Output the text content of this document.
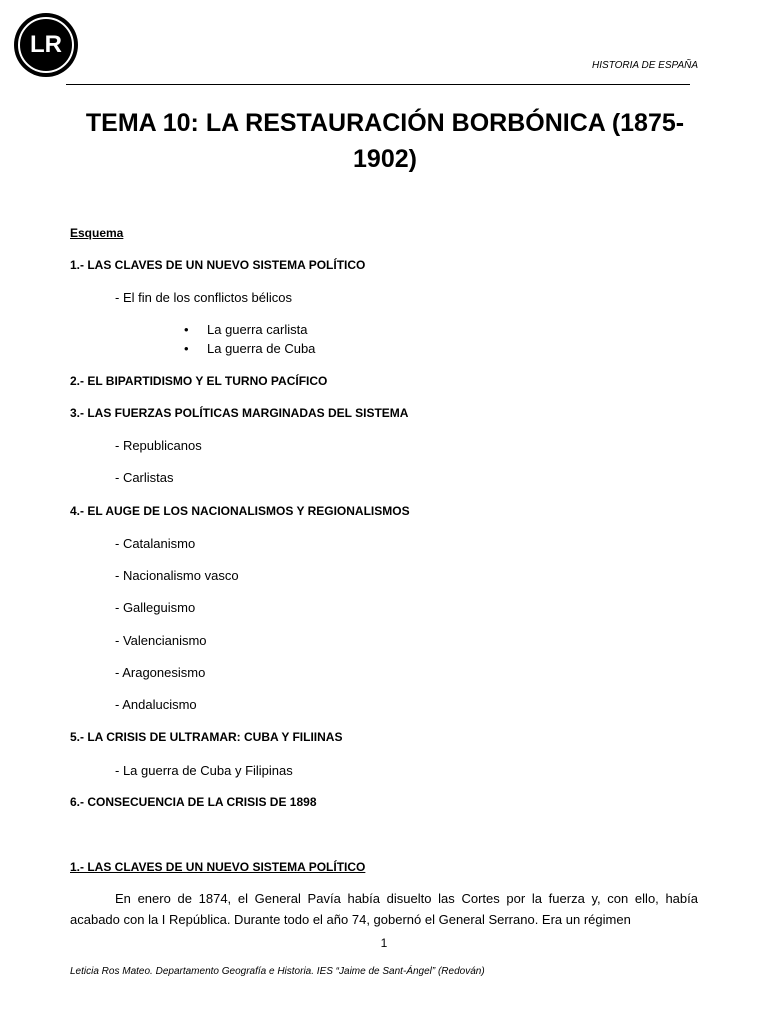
LR
HISTORIA DE ESPAÑA
TEMA 10: LA RESTAURACIÓN BORBÓNICA (1875-
1902)
Esquema
1.- LAS CLAVES DE UN NUEVO SISTEMA POLÍTICO
- El fin de los conflictos bélicos
• La guerra carlista
• La guerra de Cuba
2.- EL BIPARTIDISMO Y EL TURNO PACÍFICO
3.- LAS FUERZAS POLÍTICAS MARGINADAS DEL SISTEMA
- Republicanos
- Carlistas
4.- EL AUGE DE LOS NACIONALISMOS Y REGIONALISMOS
- Catalanismo
- Nacionalismo vasco
- Galleguismo
- Valencianismo
- Aragonesismo
- Andalucismo
5.- LA CRISIS DE ULTRAMAR: CUBA Y FILIINAS
- La guerra de Cuba y Filipinas
6.- CONSECUENCIA DE LA CRISIS DE 1898
1.- LAS CLAVES DE UN NUEVO SISTEMA POLÍTICO
En enero de 1874, el General Pavía había disuelto las Cortes por la fuerza y, con ello, había acabado con la I República. Durante todo el año 74, gobernó el General Serrano. Era un régimen
1
Leticia Ros Mateo. Departamento Geografía e Historia. IES “Jaime de Sant-Ángel” (Redován)
